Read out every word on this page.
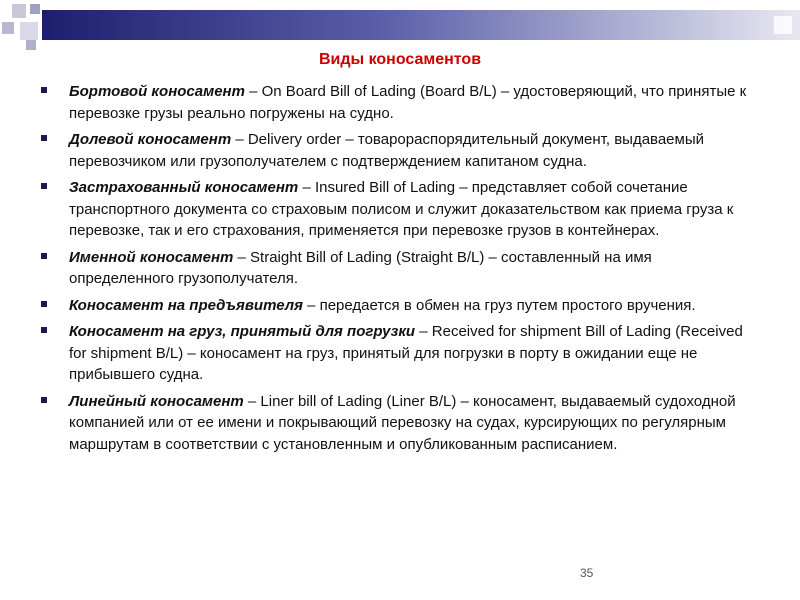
Виды коносаментов
Бортовой коносамент – On Board Bill of Lading (Board B/L) – удостоверяющий, что принятые к перевозке грузы реально погружены на судно.
Долевой коносамент – Delivery order – товарораспорядительный документ, выдаваемый перевозчиком или грузополучателем с подтверждением капитаном судна.
Застрахованный коносамент – Insured Bill of Lading – представляет собой сочетание транспортного документа со страховым полисом и служит доказательством как приема груза к перевозке, так и его страхования, применяется при перевозке грузов в контейнерах.
Именной коносамент – Straight Bill of Lading (Straight B/L) – составленный на имя определенного грузополучателя.
Коносамент на предъявителя – передается в обмен на груз путем простого вручения.
Коносамент на груз, принятый для погрузки – Received for shipment Bill of Lading (Received for shipment B/L) – коносамент на груз, принятый для погрузки в порту в ожидании еще не прибывшего судна.
Линейный коносамент – Liner bill of Lading (Liner B/L) – коносамент, выдаваемый судоходной компанией или от ее имени и покрывающий перевозку на судах, курсирующих по регулярным маршрутам в соответствии с установленным и опубликованным расписанием.
35
